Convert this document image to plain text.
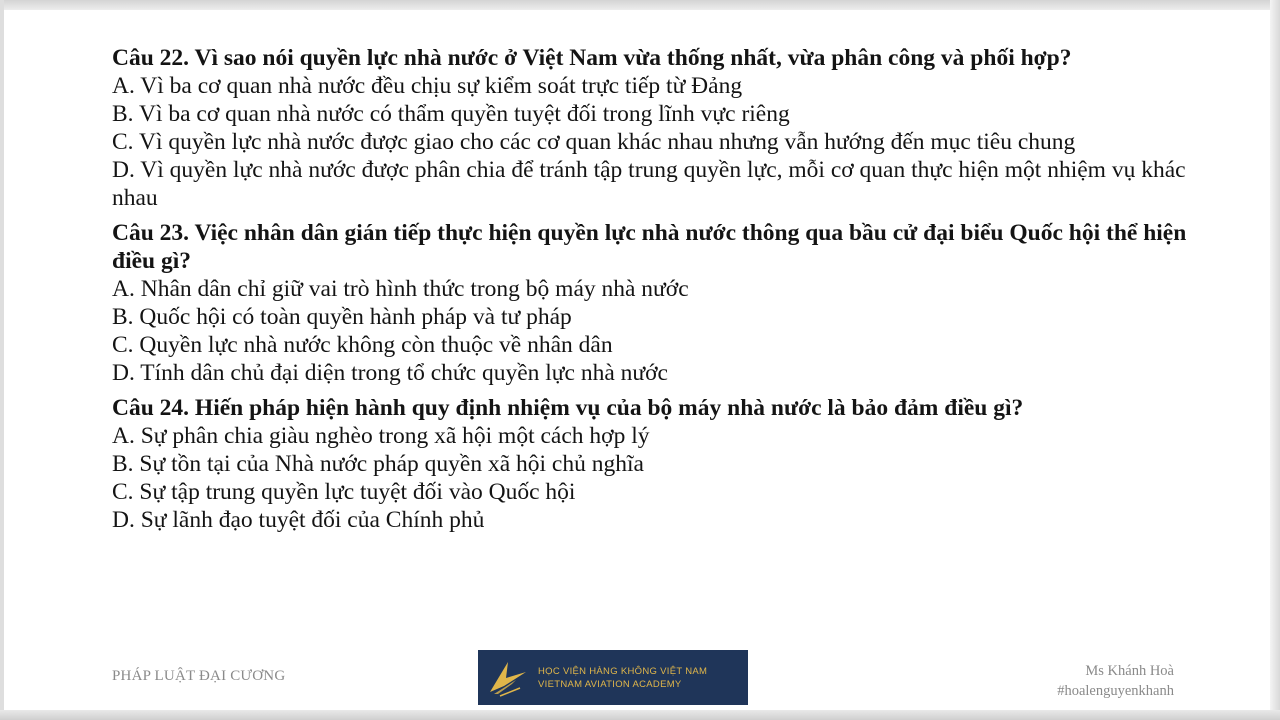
Câu 22. Vì sao nói quyền lực nhà nước ở Việt Nam vừa thống nhất, vừa phân công và phối hợp?
A. Vì ba cơ quan nhà nước đều chịu sự kiểm soát trực tiếp từ Đảng
B. Vì ba cơ quan nhà nước có thẩm quyền tuyệt đối trong lĩnh vực riêng
C. Vì quyền lực nhà nước được giao cho các cơ quan khác nhau nhưng vẫn hướng đến mục tiêu chung
D. Vì quyền lực nhà nước được phân chia để tránh tập trung quyền lực, mỗi cơ quan thực hiện một nhiệm vụ khác nhau
Câu 23. Việc nhân dân gián tiếp thực hiện quyền lực nhà nước thông qua bầu cử đại biểu Quốc hội thể hiện điều gì?
A. Nhân dân chỉ giữ vai trò hình thức trong bộ máy nhà nước
B. Quốc hội có toàn quyền hành pháp và tư pháp
C. Quyền lực nhà nước không còn thuộc về nhân dân
D. Tính dân chủ đại diện trong tổ chức quyền lực nhà nước
Câu 24. Hiến pháp hiện hành quy định nhiệm vụ của bộ máy nhà nước là bảo đảm điều gì?
A. Sự phân chia giàu nghèo trong xã hội một cách hợp lý
B. Sự tồn tại của Nhà nước pháp quyền xã hội chủ nghĩa
C. Sự tập trung quyền lực tuyệt đối vào Quốc hội
D. Sự lãnh đạo tuyệt đối của Chính phủ
PHÁP LUẬT ĐẠI CƯƠNG	HỌC VIỆN HÀNG KHÔNG VIỆT NAM
VIETNAM AVIATION ACADEMY
Ms Khánh Hoà
#hoalenguyenkhanh
